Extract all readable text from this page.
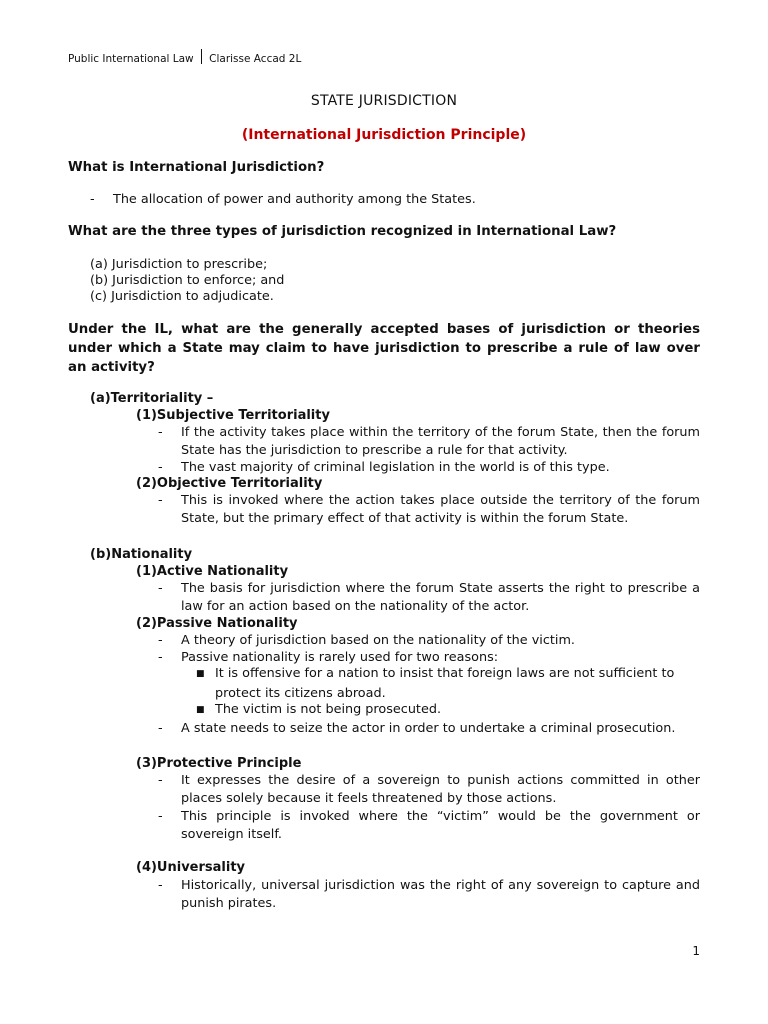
Public International Law Clarisse Accad 2L
STATE JURISDICTION
(International Jurisdiction Principle)
What is International Jurisdiction?
- The allocation of power and authority among the States.
What are the three types of jurisdiction recognized in International Law?
(a) Jurisdiction to prescribe;
(b) Jurisdiction to enforce; and
(c) Jurisdiction to adjudicate.
Under the IL, what are the generally accepted bases of jurisdiction or theories under which a State may claim to have jurisdiction to prescribe a rule of law over an activity?
(a)Territoriality –
(1)Subjective Territoriality
- If the activity takes place within the territory of the forum State, then the forum State has the jurisdiction to prescribe a rule for that activity.
- The vast majority of criminal legislation in the world is of this type.
(2)Objective Territoriality
- This is invoked where the action takes place outside the territory of the forum State, but the primary effect of that activity is within the forum State.
(b)Nationality
(1)Active Nationality
- The basis for jurisdiction where the forum State asserts the right to prescribe a law for an action based on the nationality of the actor.
(2)Passive Nationality
- A theory of jurisdiction based on the nationality of the victim.
- Passive nationality is rarely used for two reasons:
■ It is offensive for a nation to insist that foreign laws are not sufficient to protect its citizens abroad.
■ The victim is not being prosecuted.
- A state needs to seize the actor in order to undertake a criminal prosecution.
(3)Protective Principle
- It expresses the desire of a sovereign to punish actions committed in other places solely because it feels threatened by those actions.
- This principle is invoked where the “victim” would be the government or sovereign itself.
(4)Universality
- Historically, universal jurisdiction was the right of any sovereign to capture and punish pirates.
1
